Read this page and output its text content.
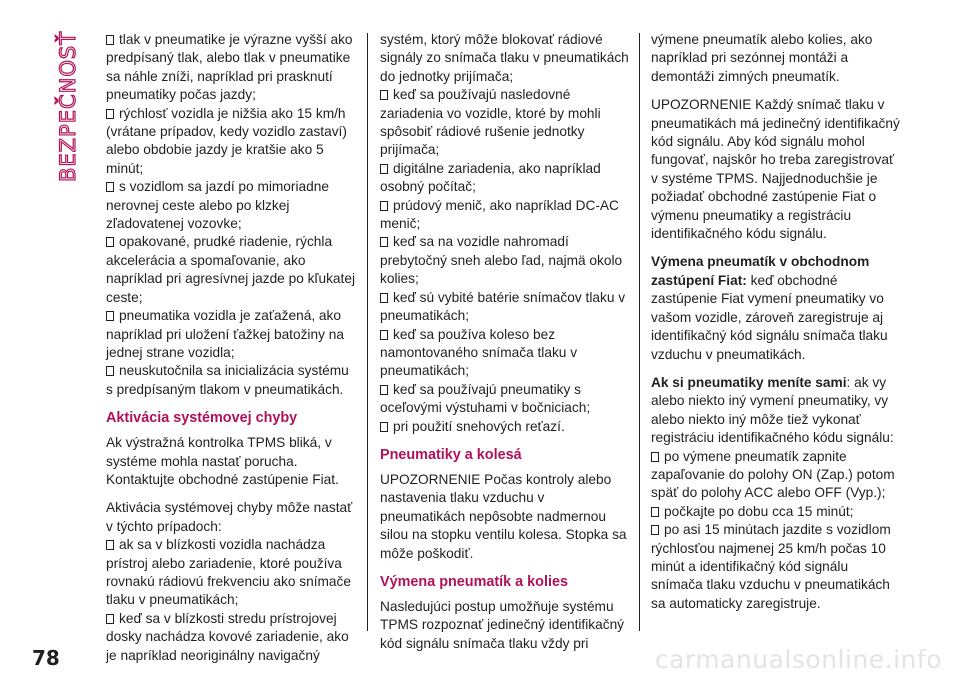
BEZPEČNOSŤ	tlak v pneumatike je výrazne vyšší ako predpísaný tlak, alebo tlak v pneumatike sa náhle zníži, napríklad pri prasknutí pneumatiky počas jazdy;
rýchlosť vozidla je nižšia ako 15 km/h (vrátane prípadov, kedy vozidlo zastaví) alebo obdobie jazdy je kratšie ako 5 minút;
s vozidlom sa jazdí po mimoriadne nerovnej ceste alebo po klzkej zľadovatenej vozovke;
opakované, prudké riadenie, rýchla akcelerácia a spomaľovanie, ako napríklad pri agresívnej jazde po kľukatej ceste;
pneumatika vozidla je zaťažená, ako napríklad pri uložení ťažkej batožiny na jednej strane vozidla;
neuskutočnila sa inicializácia systému s predpísaným tlakom v pneumatikách.
Aktivácia systémovej chyby

Ak výstražná kontrolka TPMS bliká, v systéme mohla nastať porucha. Kontaktujte obchodné zastúpenie Fiat.

Aktivácia systémovej chyby môže nastať v týchto prípadoch:

ak sa v blízkosti vozidla nachádza prístroj alebo zariadenie, ktoré používa rovnakú rádiovú frekvenciu ako snímače tlaku v pneumatikách;
keď sa v blízkosti stredu prístrojovej dosky nachádza kovové zariadenie, ako je napríklad neoriginálny navigačný

systém, ktorý môže blokovať rádiové signály zo snímača tlaku v pneumatikách do jednotky prijímača;

keď sa používajú nasledovné zariadenia vo vozidle, ktoré by mohli spôsobiť rádiové rušenie jednotky prijímača;
digitálne zariadenia, ako napríklad osobný počítač;
prúdový menič, ako napríklad DC-AC menič;
keď sa na vozidle nahromadí prebytočný sneh alebo ľad, najmä okolo kolies;
keď sú vybité batérie snímačov tlaku v pneumatikách;
keď sa používa koleso bez namontovaného snímača tlaku v pneumatikách;
keď sa používajú pneumatiky s oceľovými výstuhami v bočniciach;
pri použití snehových reťazí.
Pneumatiky a kolesá

UPOZORNENIE Počas kontroly alebo nastavenia tlaku vzduchu v pneumatikách nepôsobte nadmernou silou na stopku ventilu kolesa. Stopka sa môže poškodiť.

Výmena pneumatík a kolies

Nasledujúci postup umožňuje systému TPMS rozpoznať jedinečný identifikačný kód signálu snímača tlaku vždy pri

výmene pneumatík alebo kolies, ako napríklad pri sezónnej montáži a demontáži zimných pneumatík.

UPOZORNENIE Každý snímač tlaku v pneumatikách má jedinečný identifikačný kód signálu. Aby kód signálu mohol fungovať, najskôr ho treba zaregistrovať v systéme TPMS. Najjednoduchšie je požiadať obchodné zastúpenie Fiat o výmenu pneumatiky a registráciu identifikačného kódu signálu.

Výmena pneumatík v obchodnom zastúpení Fiat: keď obchodné zastúpenie Fiat vymení pneumatiky vo vašom vozidle, zároveň zaregistruje aj identifikačný kód signálu snímača tlaku vzduchu v pneumatikách.

Ak si pneumatiky meníte sami: ak vy alebo niekto iný vymení pneumatiky, vy alebo niekto iný môže tiež vykonať registráciu identifikačného kódu signálu:

po výmene pneumatík zapnite zapaľovanie do polohy ON (Zap.) potom späť do polohy ACC alebo OFF (Vyp.);
počkajte po dobu cca 15 minút;
po asi 15 minútach jazdite s vozidlom rýchlosťou najmenej 25 km/h počas 10 minút a identifikačný kód signálu snímača tlaku vzduchu v pneumatikách sa automaticky zaregistruje.
78	carmanualsonline.info
